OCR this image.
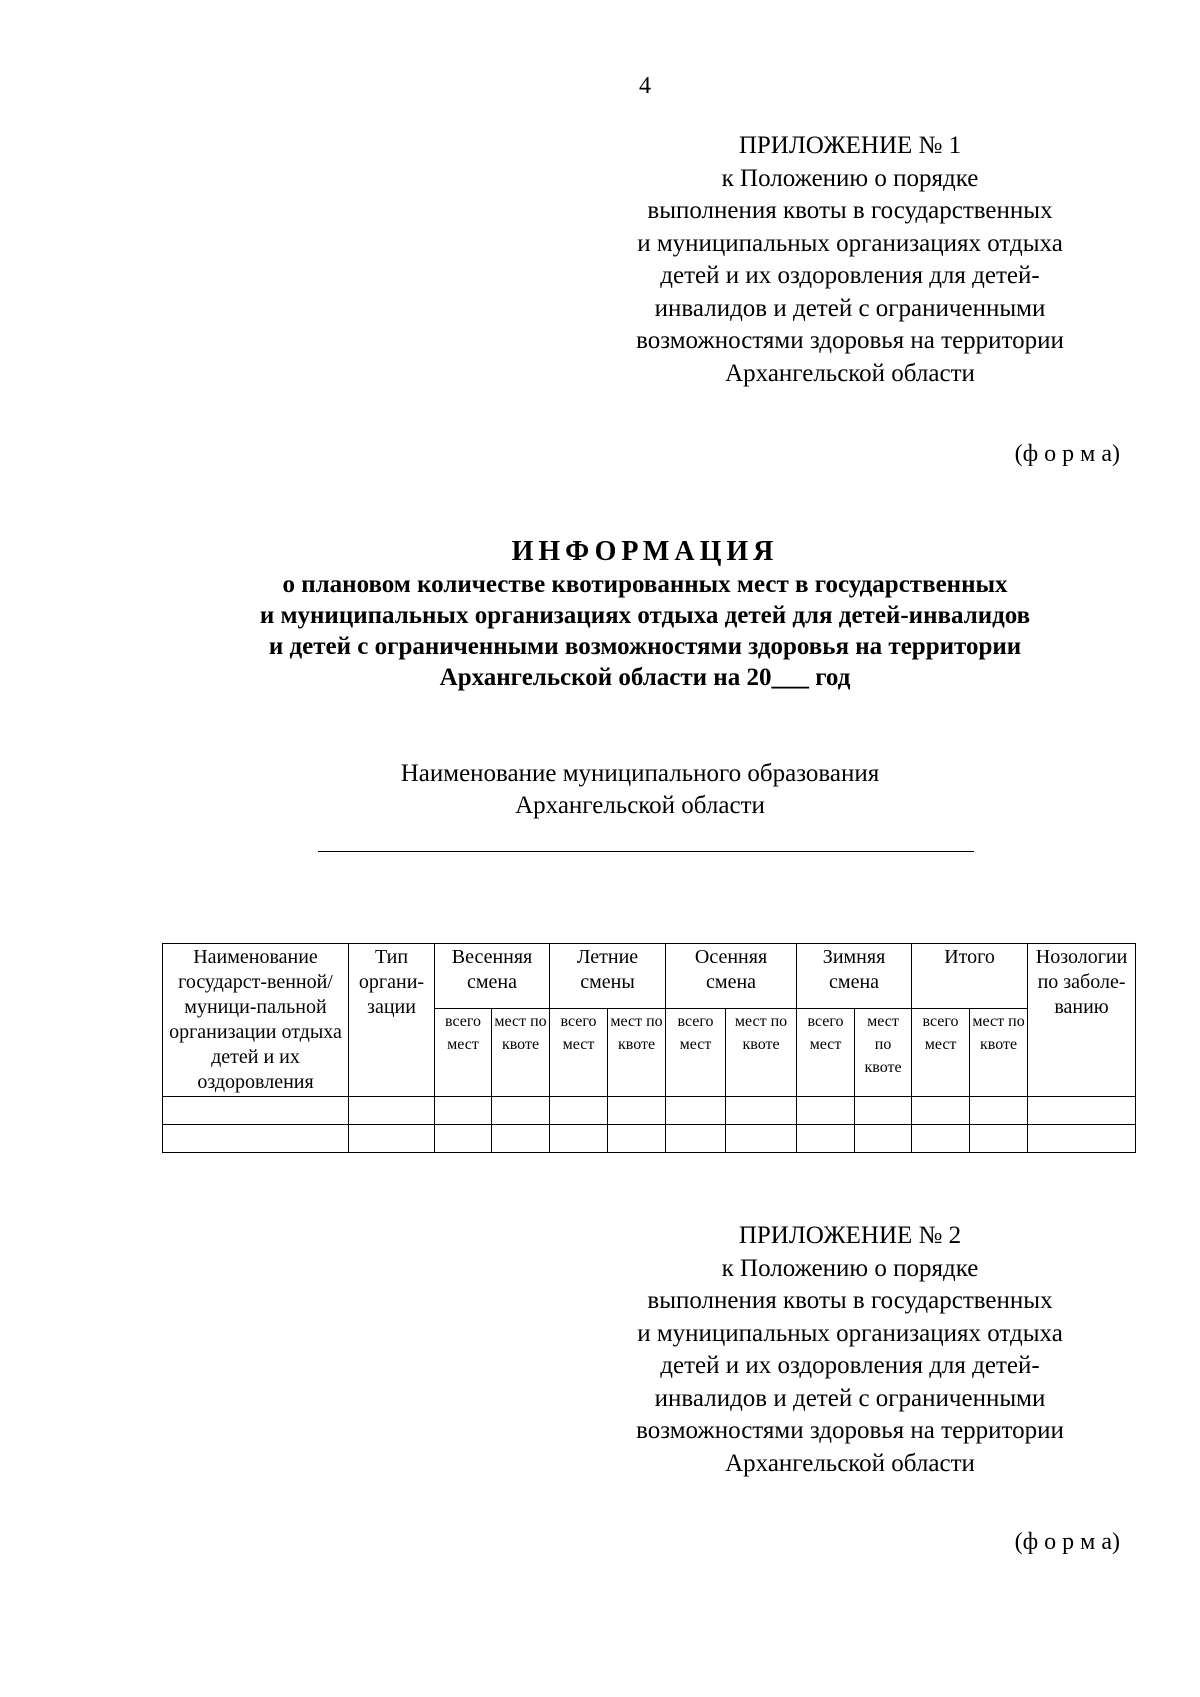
4
ПРИЛОЖЕНИЕ № 1
к Положению о порядке
выполнения квоты в государственных
и муниципальных организациях отдыха
детей и их оздоровления для детей-
инвалидов и детей с ограниченными
возможностями здоровья на территории
Архангельской области
(ф о р м а)
ИНФОРМАЦИЯ
о плановом количестве квотированных мест в государственных
и муниципальных организациях отдыха детей для детей-инвалидов
и детей с ограниченными возможностями здоровья на территории
Архангельской области на 20___ год
Наименование муниципального образования
Архангельской области
Наименование государст-венной/муници-пальной организации отдыха детей и их оздоровления	Тип органи-зации	Весенняя смена		Летние смены		Осенняя смена		Зимняя смена		Итого		Нозологии по заболе-ванию
		всего мест	мест по квоте	всего мест	мест по квоте	всего мест	мест по квоте	всего мест	мест по квоте	всего мест	мест по квоте	

ПРИЛОЖЕНИЕ № 2
к Положению о порядке
выполнения квоты в государственных
и муниципальных организациях отдыха
детей и их оздоровления для детей-
инвалидов и детей с ограниченными
возможностями здоровья на территории
Архангельской области
(ф о р м а)
